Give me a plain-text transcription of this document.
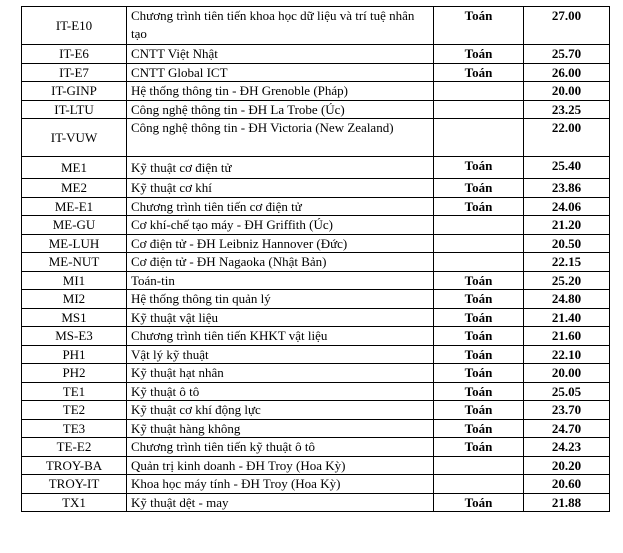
IT-E10	Chương trình tiên tiến khoa học dữ liệu và trí tuệ nhân tạo	Toán	27.00
IT-E6	CNTT Việt Nhật	Toán	25.70
IT-E7	CNTT Global ICT	Toán	26.00
IT-GINP	Hệ thống thông tin - ĐH Grenoble (Pháp)		20.00
IT-LTU	Công nghệ thông tin - ĐH La Trobe (Úc)		23.25
IT-VUW	Công nghệ thông tin - ĐH Victoria (New Zealand)		22.00
ME1	Kỹ thuật cơ điện tử	Toán	25.40
ME2	Kỹ thuật cơ khí	Toán	23.86
ME-E1	Chương trình tiên tiến cơ điện tử	Toán	24.06
ME-GU	Cơ khí-chế tạo máy - ĐH Griffith (Úc)		21.20
ME-LUH	Cơ điện tử - ĐH Leibniz Hannover (Đức)		20.50
ME-NUT	Cơ điện tử - ĐH Nagaoka (Nhật Bản)		22.15
MI1	Toán-tin	Toán	25.20
MI2	Hệ thống thông tin quản lý	Toán	24.80
MS1	Kỹ thuật vật liệu	Toán	21.40
MS-E3	Chương trình tiên tiến KHKT vật liệu	Toán	21.60
PH1	Vật lý kỹ thuật	Toán	22.10
PH2	Kỹ thuật hạt nhân	Toán	20.00
TE1	Kỹ thuật ô tô	Toán	25.05
TE2	Kỹ thuật cơ khí động lực	Toán	23.70
TE3	Kỹ thuật hàng không	Toán	24.70
TE-E2	Chương trình tiên tiến kỹ thuật ô tô	Toán	24.23
TROY-BA	Quản trị kinh doanh - ĐH Troy (Hoa Kỳ)		20.20
TROY-IT	Khoa học máy tính - ĐH Troy (Hoa Kỳ)		20.60
TX1	Kỹ thuật dệt - may	Toán	21.88
